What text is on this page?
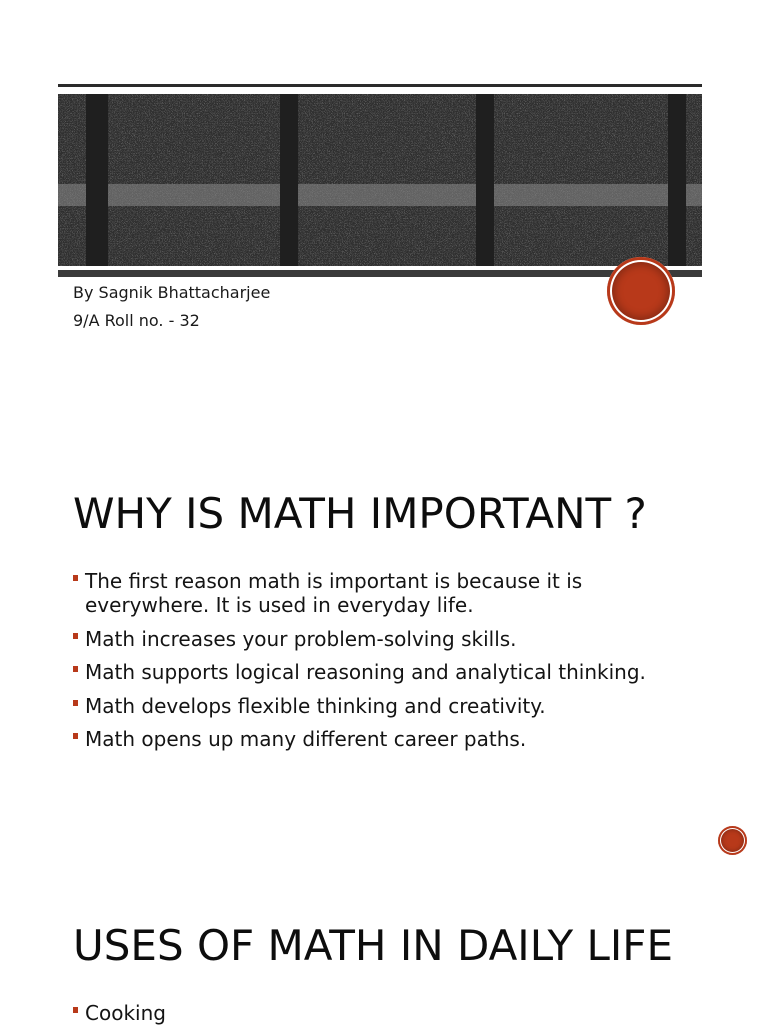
By Sagnik Bhattacharjee
9/A Roll no. - 32
WHY IS MATH IMPORTANT ?
The first reason math is important is because it is everywhere. It is used in everyday life.
Math increases your problem-solving skills.
Math supports logical reasoning and analytical thinking.
Math develops flexible thinking and creativity.
Math opens up many different career paths.
USES OF MATH IN DAILY LIFE
Cooking
